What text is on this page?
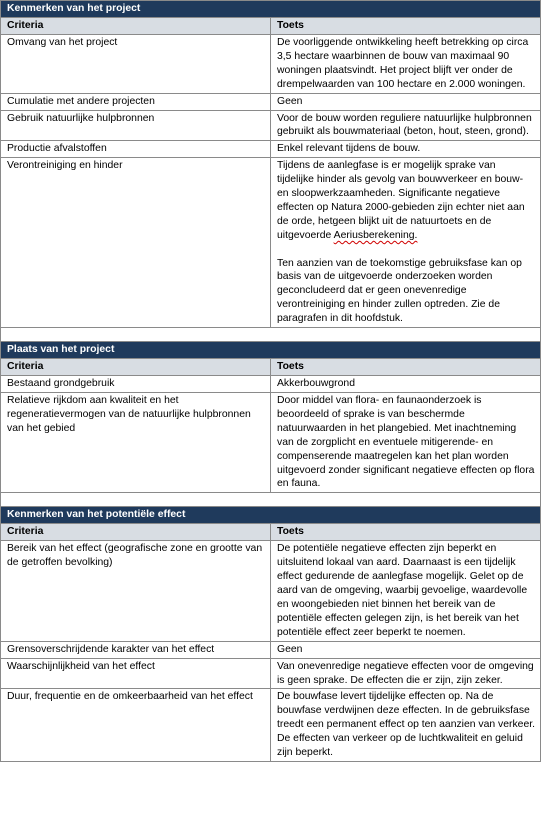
Kenmerken van het project	
Criteria	Toets
Omvang van het project	De voorliggende ontwikkeling heeft betrekking op circa 3,5 hectare waarbinnen de bouw van maximaal 90 woningen plaatsvindt. Het project blijft ver onder de drempelwaarden van 100 hectare en 2.000 woningen.
Cumulatie met andere projecten	Geen
Gebruik natuurlijke hulpbronnen	Voor de bouw worden reguliere natuurlijke hulpbronnen gebruikt als bouwmateriaal (beton, hout, steen, grond).
Productie afvalstoffen	Enkel relevant tijdens de bouw.
Verontreiniging en hinder	Tijdens de aanlegfase is er mogelijk sprake van tijdelijke hinder als gevolg van bouwverkeer en bouw- en sloopwerkzaamheden. Significante negatieve effecten op Natura 2000-gebieden zijn echter niet aan de orde, hetgeen blijkt uit de natuurtoets en de uitgevoerde Aeriusberekening.
Ten aanzien van de toekomstige gebruiksfase kan op basis van de uitgevoerde onderzoeken worden geconcludeerd dat er geen onevenredige verontreiniging en hinder zullen optreden. Zie de paragrafen in dit hoofdstuk.
Plaats van het project	
Criteria	Toets
Bestaand grondgebruik	Akkerbouwgrond
Relatieve rijkdom aan kwaliteit en het regeneratievermogen van de natuurlijke hulpbronnen van het gebied	Door middel van flora- en faunaonderzoek is beoordeeld of sprake is van beschermde natuurwaarden in het plangebied. Met inachtneming van de zorgplicht en eventuele mitigerende- en compenserende maatregelen kan het plan worden uitgevoerd zonder significant negatieve effecten op flora en fauna.
Kenmerken van het potentiële effect	
Criteria	Toets
Bereik van het effect (geografische zone en grootte van de getroffen bevolking)	De potentiële negatieve effecten zijn beperkt en uitsluitend lokaal van aard. Daarnaast is een tijdelijk effect gedurende de aanlegfase mogelijk. Gelet op de aard van de omgeving, waarbij gevoelige, waardevolle en woongebieden niet binnen het bereik van de potentiële effecten gelegen zijn, is het bereik van het potentiële effect zeer beperkt te noemen.
Grensoverschrijdende karakter van het effect	Geen
Waarschijnlijkheid van het effect	Van onevenredige negatieve effecten voor de omgeving is geen sprake. De effecten die er zijn, zijn zeker.
Duur, frequentie en de omkeerbaarheid van het effect	De bouwfase levert tijdelijke effecten op. Na de bouwfase verdwijnen deze effecten. In de gebruiksfase treedt een permanent effect op ten aanzien van verkeer. De effecten van verkeer op de luchtkwaliteit en geluid zijn beperkt.
